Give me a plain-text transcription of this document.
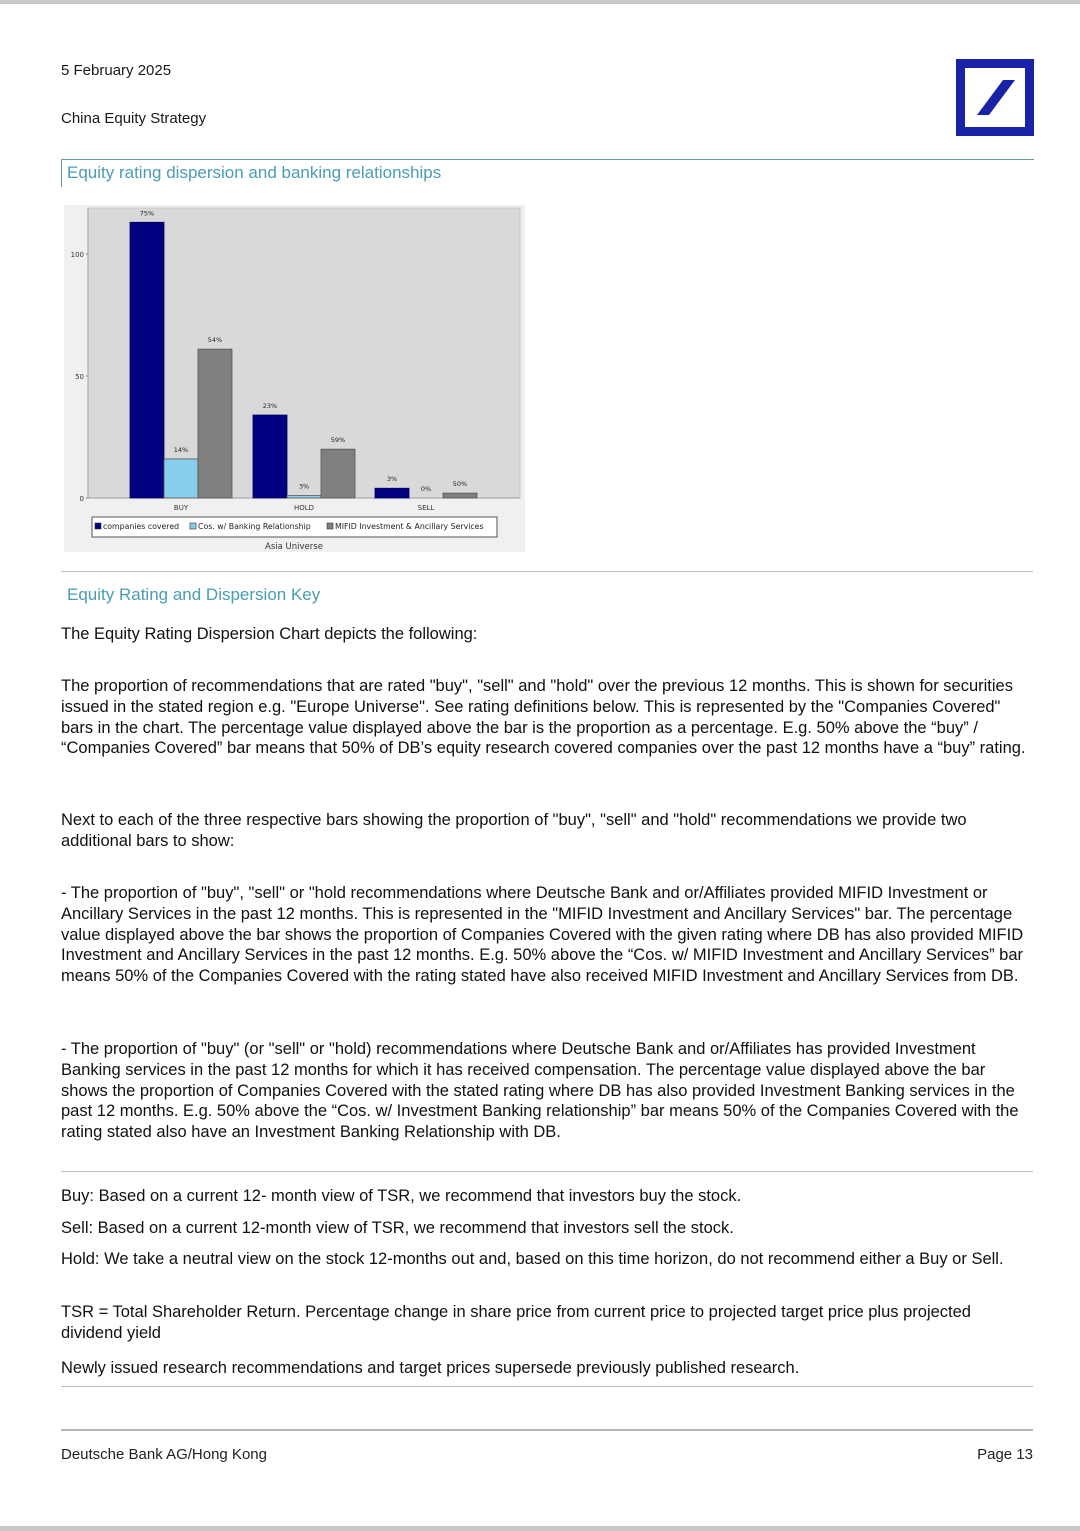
5 February 2025
China Equity Strategy
Equity rating dispersion and banking relationships
0
50
100
75%
14%
54%
23%
3%
59%
3%
0%
50%
BUY	HOLD	SELL
companies covered Cos. w/ Banking Relationship	MIFID Investment & Ancillary Services
Asia Universe
Equity Rating and Dispersion Key
The Equity Rating Dispersion Chart depicts the following:
The proportion of recommendations that are rated "buy", "sell" and "hold" over the previous 12 months. This is shown for securities issued in the stated region e.g. "Europe Universe". See rating definitions below. This is represented by the "Companies Covered" bars in the chart. The percentage value displayed above the bar is the proportion as a percentage. E.g. 50% above the “buy” / “Companies Covered” bar means that 50% of DB’s equity research covered companies over the past 12 months have a “buy” rating.
Next to each of the three respective bars showing the proportion of "buy", "sell" and "hold" recommendations we provide two additional bars to show:
- The proportion of "buy", "sell" or "hold recommendations where Deutsche Bank and or/Affiliates provided MIFID Investment or Ancillary Services in the past 12 months. This is represented in the "MIFID Investment and Ancillary Services" bar. The percentage value displayed above the bar shows the proportion of Companies Covered with the given rating where DB has also provided MIFID Investment and Ancillary Services in the past 12 months. E.g. 50% above the “Cos. w/ MIFID Investment and Ancillary Services” bar means 50% of the Companies Covered with the rating stated have also received MIFID Investment and Ancillary Services from DB.
- The proportion of "buy" (or "sell" or "hold) recommendations where Deutsche Bank and or/Affiliates has provided Investment Banking services in the past 12 months for which it has received compensation. The percentage value displayed above the bar shows the proportion of Companies Covered with the stated rating where DB has also provided Investment Banking services in the past 12 months. E.g. 50% above the “Cos. w/ Investment Banking relationship” bar means 50% of the Companies Covered with the rating stated also have an Investment Banking Relationship with DB.
Buy: Based on a current 12- month view of TSR, we recommend that investors buy the stock.
Sell: Based on a current 12-month view of TSR, we recommend that investors sell the stock.
Hold: We take a neutral view on the stock 12-months out and, based on this time horizon, do not recommend either a Buy or Sell.
TSR = Total Shareholder Return. Percentage change in share price from current price to projected target price plus projected dividend yield
Newly issued research recommendations and target prices supersede previously published research.
Deutsche Bank AG/Hong Kong	Page 13
